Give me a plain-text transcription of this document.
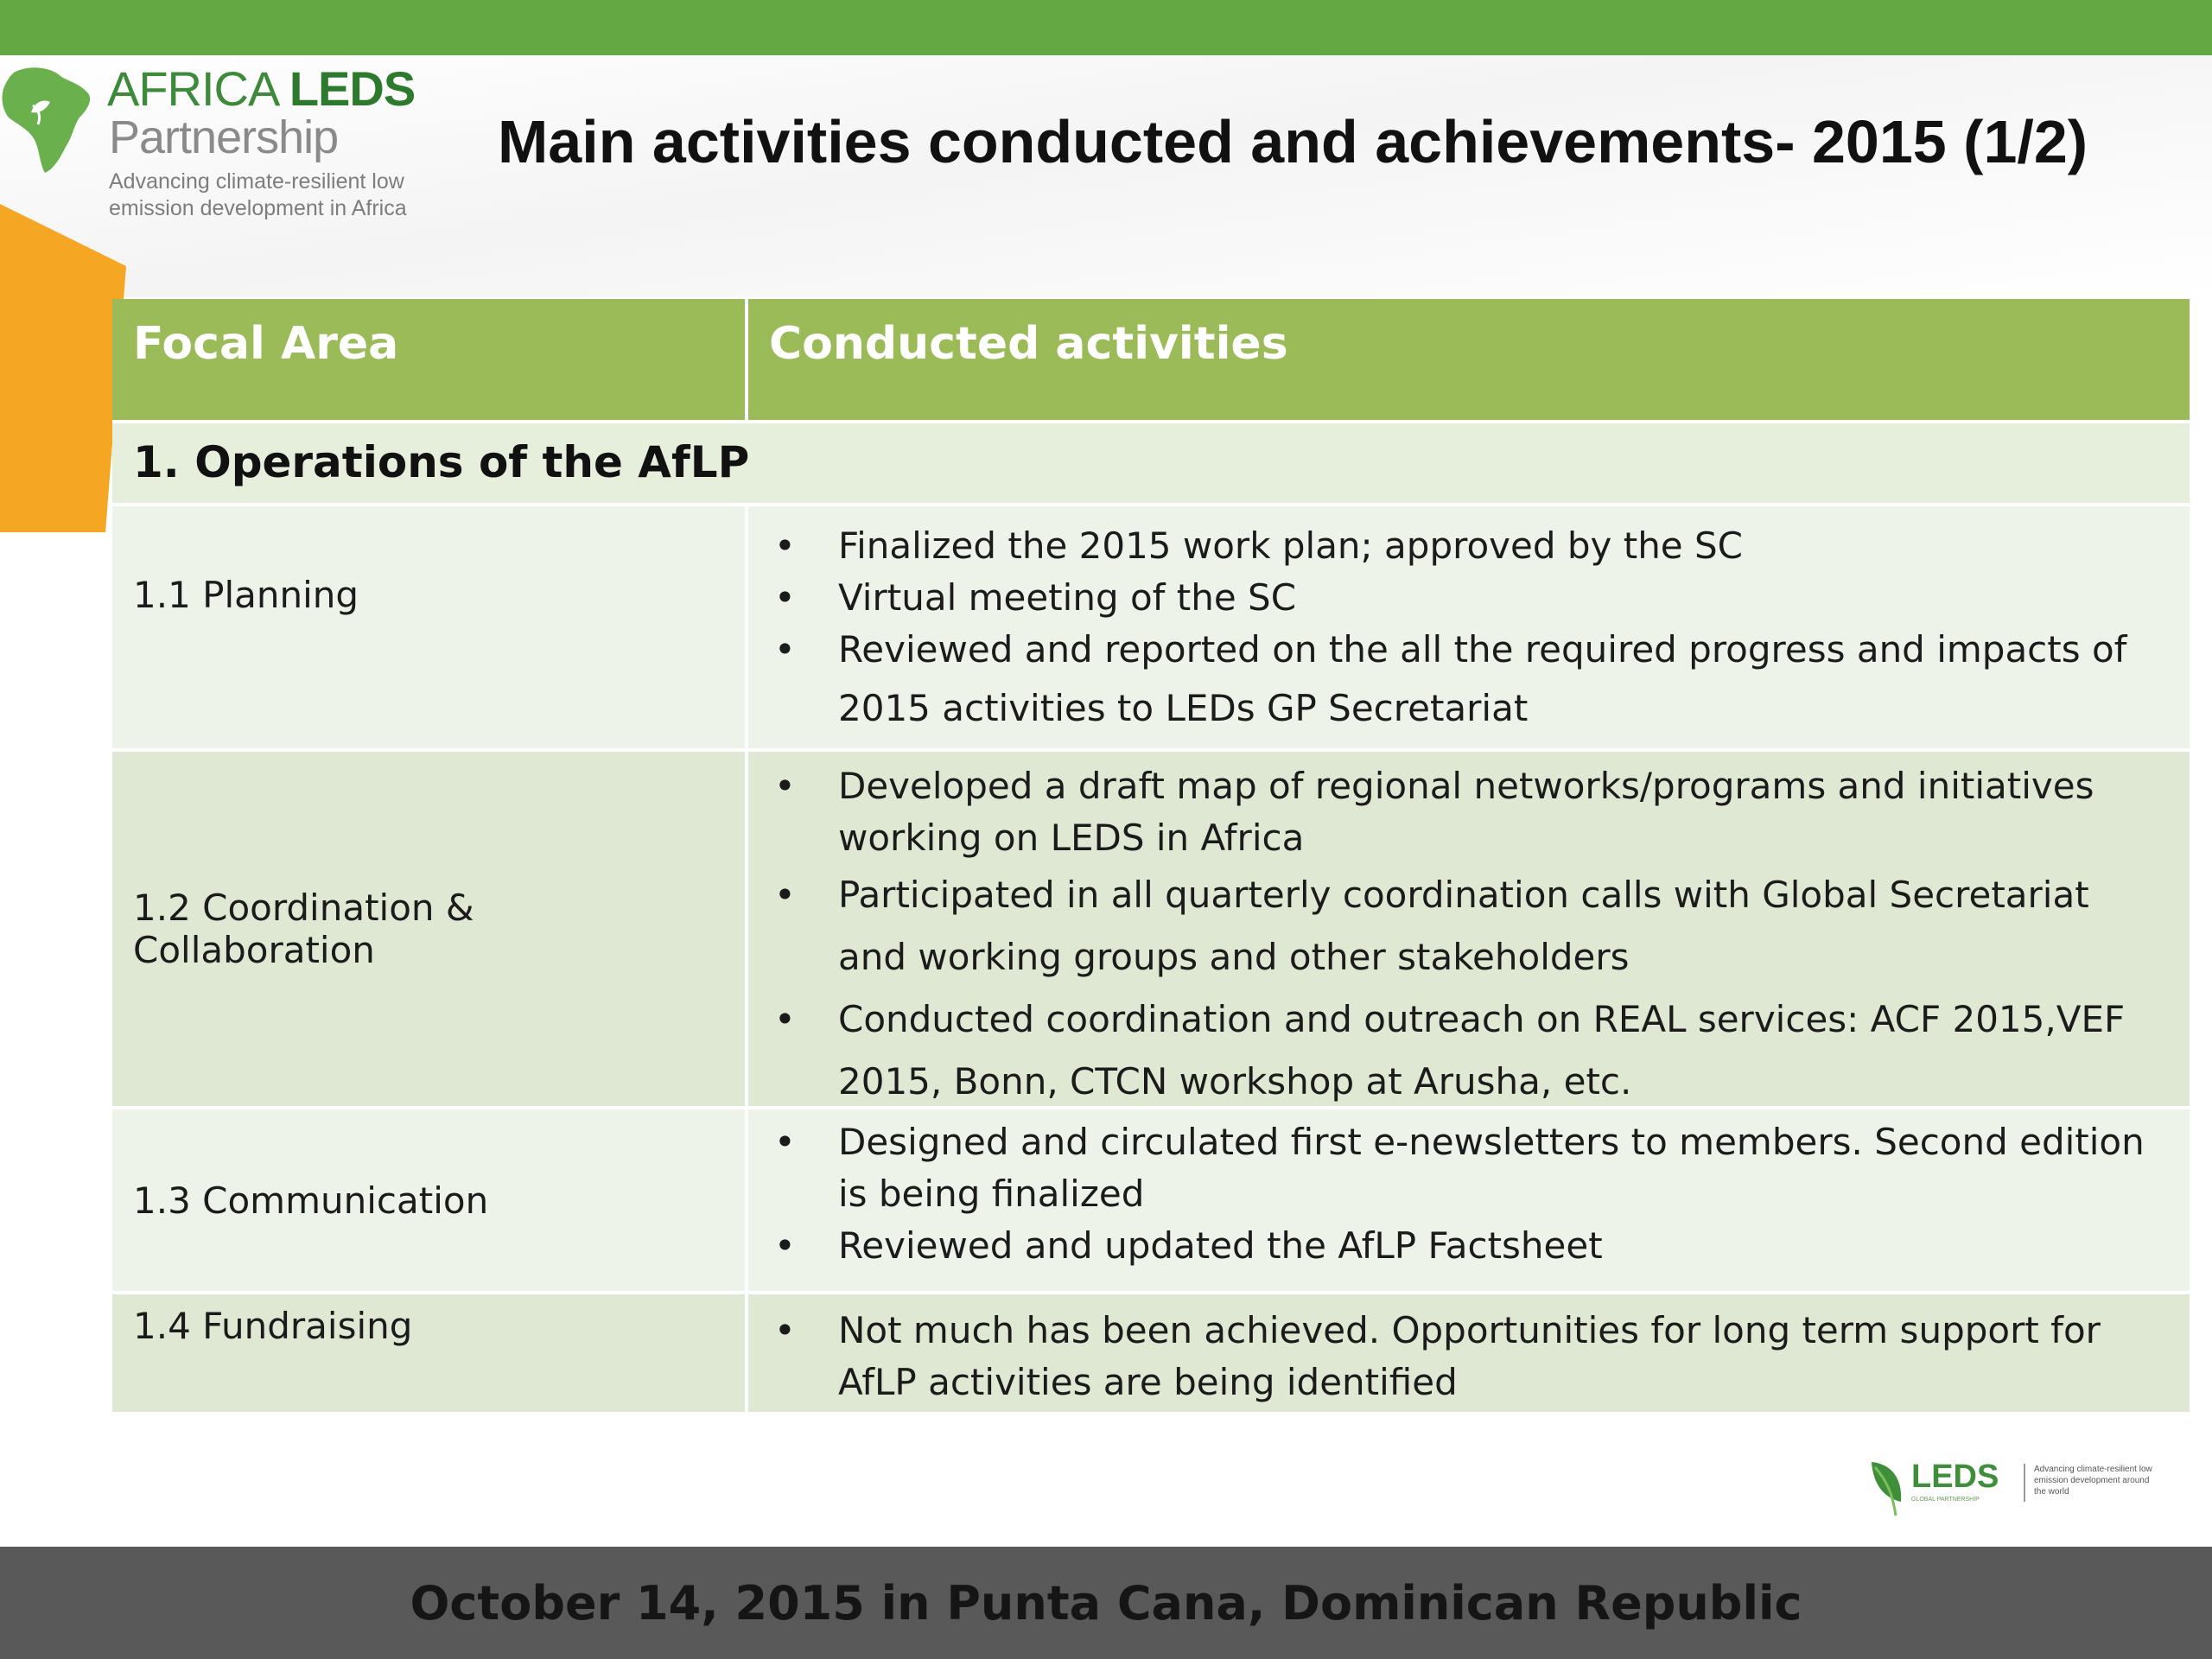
AFRICA LEDS
Partnership
Advancing climate-resilient low emission development in Africa
Main activities conducted and achievements- 2015 (1/2)
Focal Area	Conducted activities
1. Operations of the AfLP
1.1 Planning
• Finalized the 2015 work plan; approved by the SC
• Virtual meeting of the SC
• Reviewed and reported on the all the required progress and impacts of 2015 activities to LEDs GP Secretariat
1.2 Coordination & Collaboration
• Developed a draft map of regional networks/programs and initiatives working on LEDS in Africa
• Participated in all quarterly coordination calls with Global Secretariat and working groups and other stakeholders
• Conducted coordination and outreach on REAL services: ACF 2015,VEF 2015, Bonn, CTCN workshop at Arusha, etc.
1.3 Communication
• Designed and circulated first e-newsletters to members. Second edition is being finalized
• Reviewed and updated the AfLP Factsheet
1.4 Fundraising
•	Not much has been achieved. Opportunities for long term support for AfLP activities are being identified
LEDS
GLOBAL PARTNERSHIP
Advancing climate-resilient low emission development around the world
October 14, 2015 in Punta Cana, Dominican Republic
